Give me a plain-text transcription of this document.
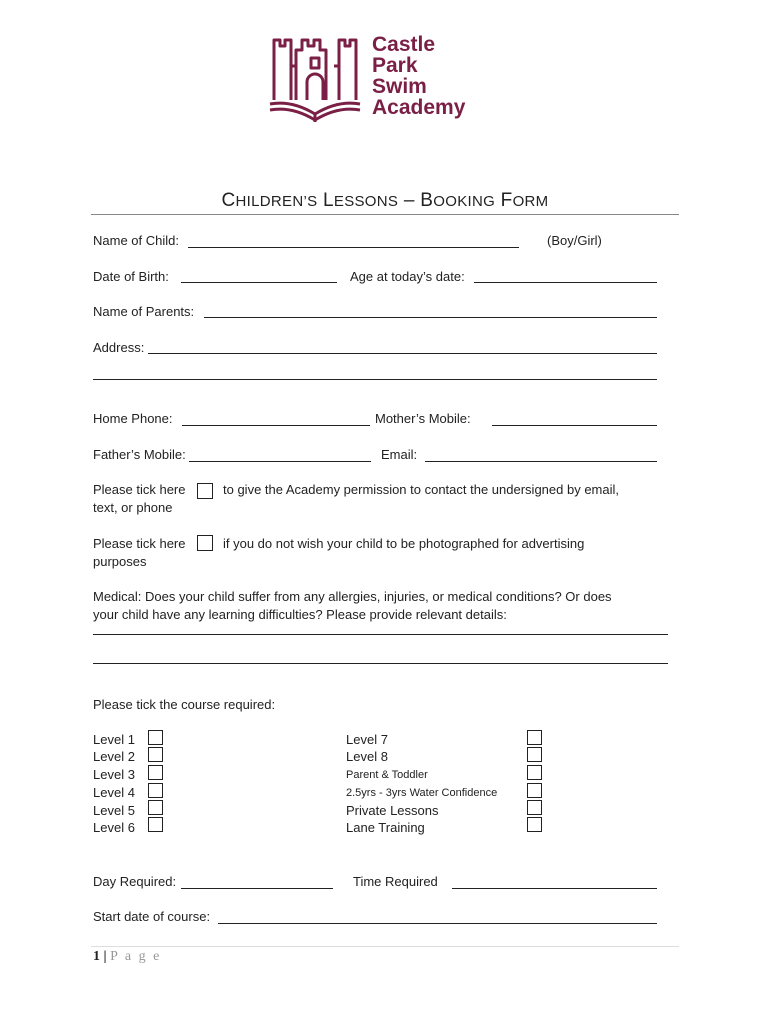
Castle
Park
Swim
Academy
CHILDREN’S LESSONS – BOOKING FORM
Name of Child:	(Boy/Girl)
Date of Birth:	Age at today’s date:
Name of Parents:
Address:
Home Phone:	Mother’s Mobile:
Father’s Mobile:	Email:
Please tick here	to give the Academy permission to contact the undersigned by email,
text, or phone
Please tick here	if you do not wish your child to be photographed for advertising
purposes
Medical: Does your child suffer from any allergies, injuries, or medical conditions? Or does
your child have any learning difficulties? Please provide relevant details:
Please tick the course required:
Level 1
Level 2
Level 3
Level 4
Level 5
Level 6
Level 7
Level 8
Parent & Toddler
2.5yrs - 3yrs Water Confidence
Private Lessons
Lane Training
Day Required:	Time Required
Start date of course:
1 | P a g e
